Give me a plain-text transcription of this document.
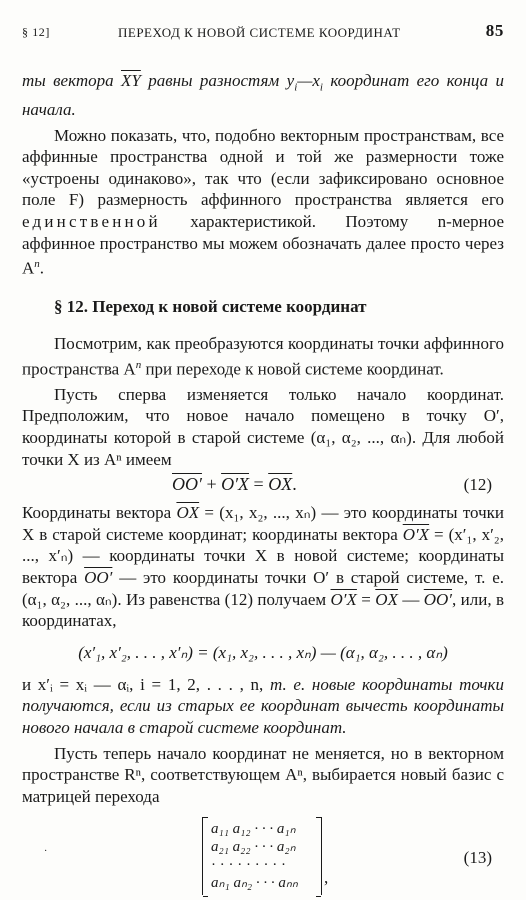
§ 12]	ПЕРЕХОД К НОВОЙ СИСТЕМЕ КООРДИНАТ	85

ты вектора $\overline{XY}$ равны разностям $y_i—x_i$ координат его конца и начала.

Можно показать, что, подобно векторным пространствам, все аффинные пространства одной и той же размерности тоже «устроены одинаково», так что (если зафиксировано основное поле F) размерность аффинного пространства является его единственной характеристикой. Поэтому n-мерное аффинное пространство мы можем обозначать далее просто через $A^n$.

§ 12. Переход к новой системе координат

Посмотрим, как преобразуются координаты точки аффинного пространства $A^n$ при переходе к новой системе координат.

Пусть сперва изменяется только начало координат. Предположим, что новое начало помещено в точку O′, координаты которой в старой системе (α₁, α₂, ..., αₙ). Для любой точки X из Aⁿ имеем

$OO' + O'X = \overline{OX}$.	(12)

Координаты вектора $\overline{OX} = (x_1$, x₂, ..., xₙ) — это координаты точки X в старой системе координат; координаты вектора O′X = (x′₁, x′₂, ..., x′ₙ) — координаты точки X в новой системе; координаты вектора OO′ — это координаты точки O′ в старой системе, т. е. (α₁, α₂, ..., αₙ). Из равенства (12) получаем $O'X = \overline{OX}$ — OO′, или, в координатах,

(x′₁, x′₂, . . . , x′ₙ) = (x₁, x₂, . . . , xₙ) — (α₁, α₂, . . . , αₙ)

и x′ᵢ = xᵢ — αᵢ, i = 1, 2, . . . , n, т. е. новые координаты точки получаются, если из старых ее координат вычесть координаты нового начала в старой системе координат.

Пусть теперь начало координат не меняется, но в векторном пространстве Rⁿ, соответствующем Aⁿ, выбирается новый базис с матрицей перехода

·
a₁₁ a₁₂ · · · a₁ₙ
a₂₁ a₂₂ · · · a₂ₙ
· · · · · · · · ·
aₙ₁ aₙ₂ · · · aₙₙ ,
(13)
